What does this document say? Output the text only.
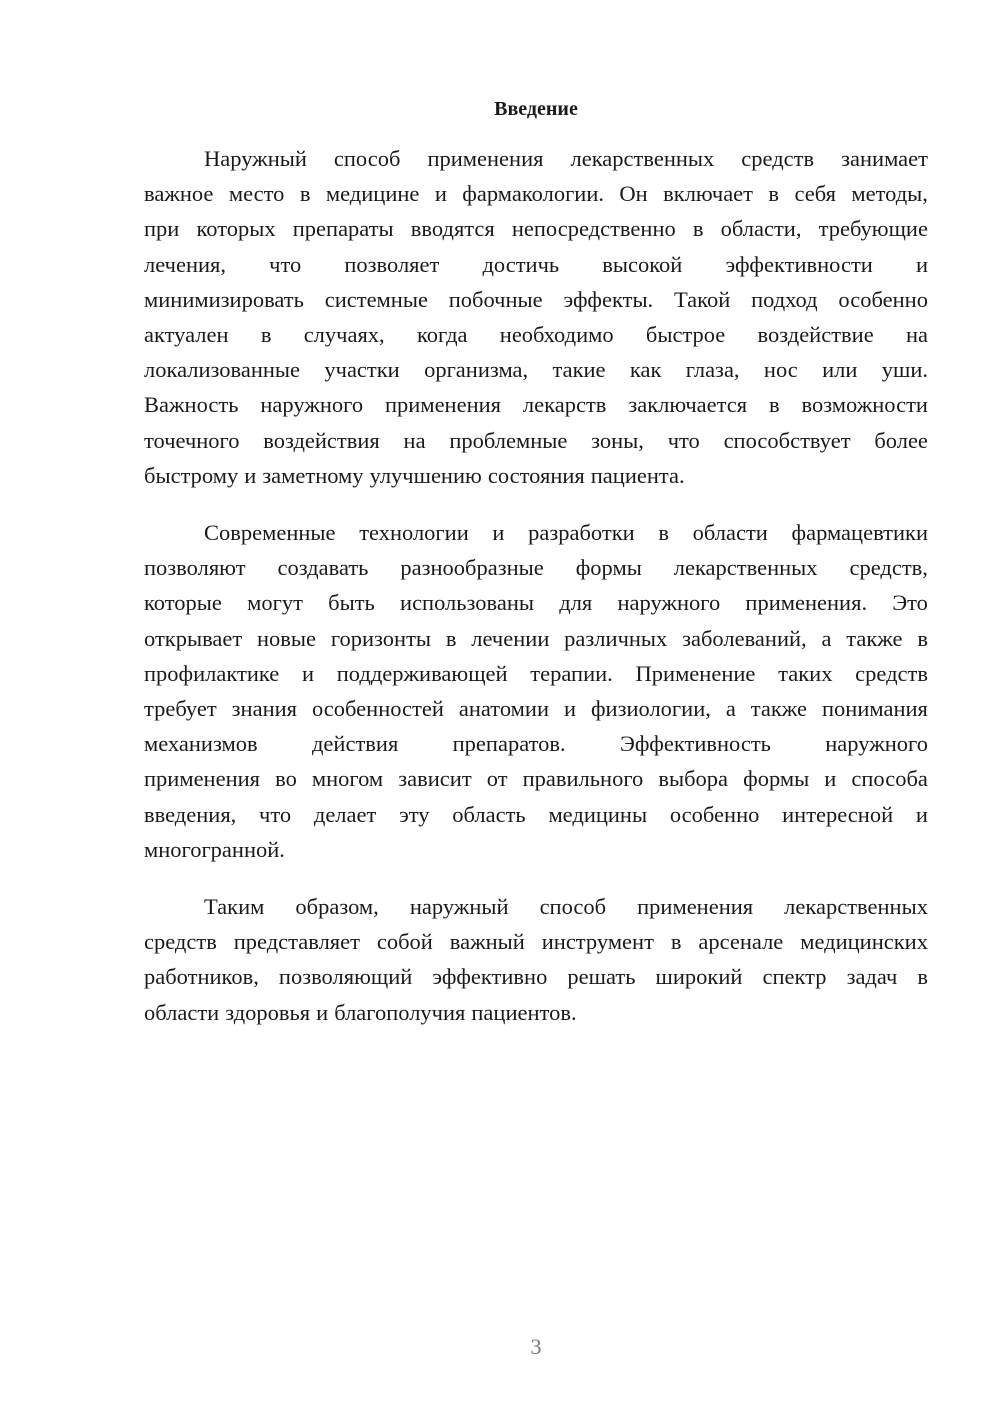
Введение
Наружный способ применения лекарственных средств занимает
важное место в медицине и фармакологии. Он включает в себя методы,
при которых препараты вводятся непосредственно в области, требующие
лечения, что позволяет достичь высокой эффективности и
минимизировать системные побочные эффекты. Такой подход особенно
актуален в случаях, когда необходимо быстрое воздействие на
локализованные участки организма, такие как глаза, нос или уши.
Важность наружного применения лекарств заключается в возможности
точечного воздействия на проблемные зоны, что способствует более
быстрому и заметному улучшению состояния пациента.
Современные технологии и разработки в области фармацевтики
позволяют создавать разнообразные формы лекарственных средств,
которые могут быть использованы для наружного применения. Это
открывает новые горизонты в лечении различных заболеваний, а также в
профилактике и поддерживающей терапии. Применение таких средств
требует знания особенностей анатомии и физиологии, а также понимания
механизмов действия препаратов. Эффективность наружного
применения во многом зависит от правильного выбора формы и способа
введения, что делает эту область медицины особенно интересной и
многогранной.
Таким образом, наружный способ применения лекарственных
средств представляет собой важный инструмент в арсенале медицинских
работников, позволяющий эффективно решать широкий спектр задач в
области здоровья и благополучия пациентов.
3
